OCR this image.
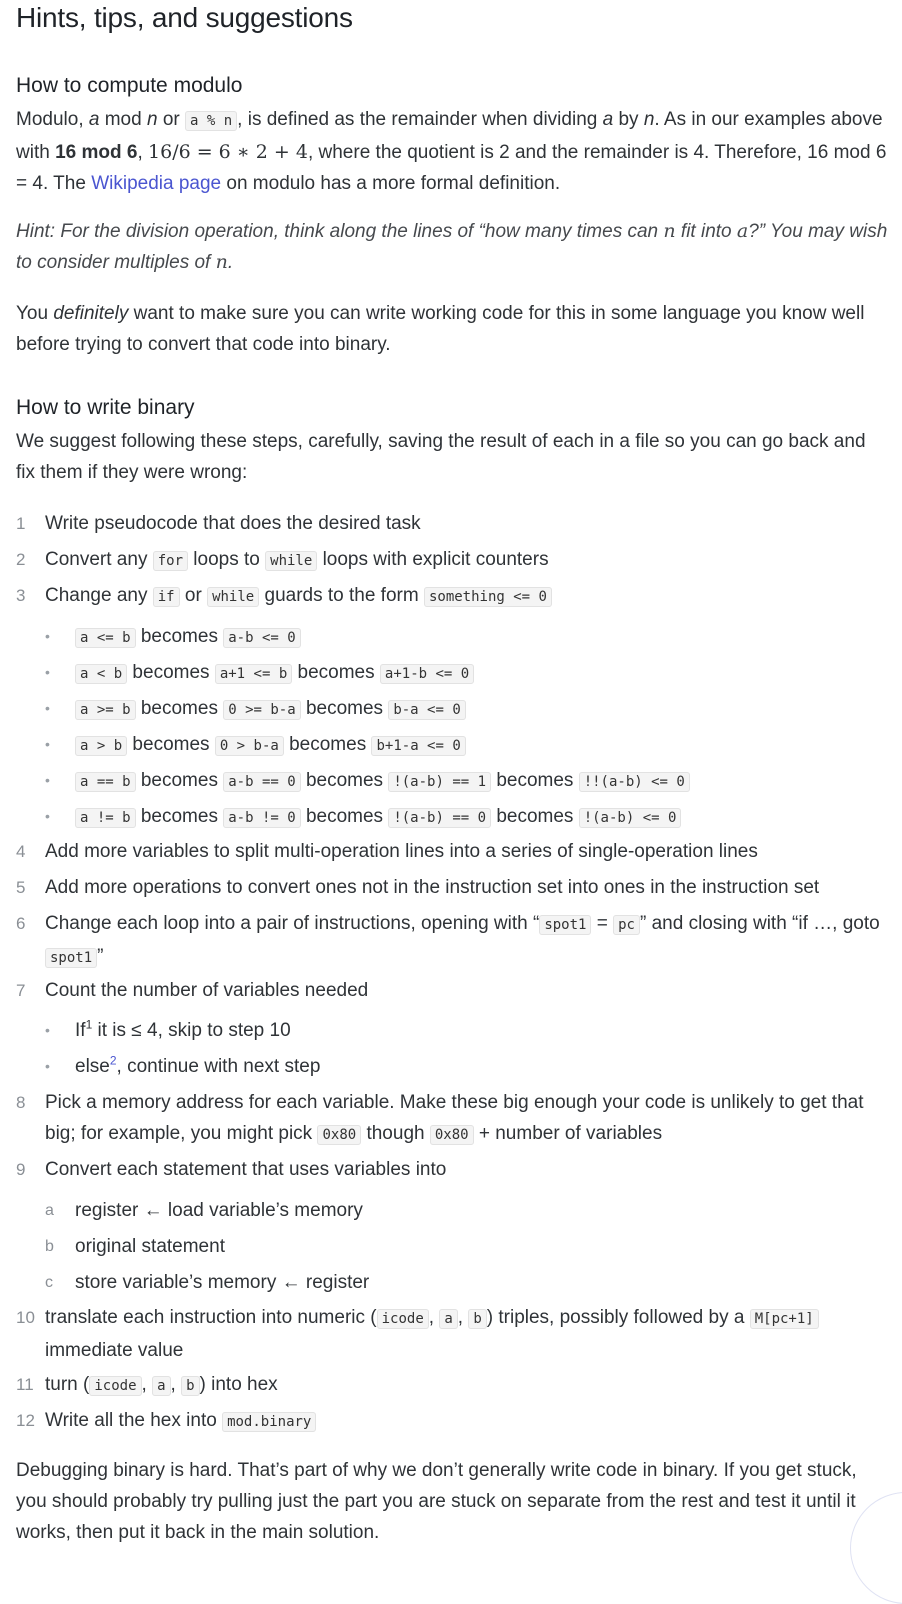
Hints, tips, and suggestions
How to compute modulo

Modulo, a mod n or a % n , is defined as the remainder when dividing a by n. As in our examples above with 16 mod 6, 16/6 = 6 ∗ 2 + 4, where the quotient is 2 and the remainder is 4. Therefore, 16 mod 6 = 4. The Wikipedia page on modulo has a more formal definition.

Hint: For the division operation, think along the lines of “how many times can n fit into a?” You may wish to consider multiples of n.

You definitely want to make sure you can write working code for this in some language you know well before trying to convert that code into binary.

How to write binary

We suggest following these steps, carefully, saving the result of each in a file so you can go back and fix them if they were wrong:

1	Write pseudocode that does the desired task
2	Convert any for loops to while loops with explicit counters
3	Change any if or while guards to the form something <= 0
•	a <= b becomes a-b <= 0
•	a < b becomes a+1 <= b becomes a+1-b <= 0
•	a >= b becomes 0 >= b-a becomes b-a <= 0
•	a > b becomes 0 > b-a becomes b+1-a <= 0
•	a == b becomes a-b == 0 becomes !(a-b) == 1 becomes !!(a-b) <= 0
•	a != b becomes a-b != 0 becomes !(a-b) == 0 becomes !(a-b) <= 0
4	Add more variables to split multi-operation lines into a series of single-operation lines
5	Add more operations to convert ones not in the instruction set into ones in the instruction set
6	Change each loop into a pair of instructions, opening with “ spot1 = pc ” and closing with “if …, goto spot1 ”
7	Count the number of variables needed
• If$^1$ it is ≤ 4, skip to step 10
• else$^2$, continue with next step
8	Pick a memory address for each variable. Make these big enough your code is unlikely to get that big; for example, you might pick 0x80 though 0x80 + number of variables
9	Convert each statement that uses variables into
a register ← load variable’s memory
b original statement
c store variable’s memory ← register
10 translate each instruction into numeric ( icode , a , b ) triples, possibly followed by a M[pc+1] immediate value
11 turn ( icode , a , b ) into hex
12 Write all the hex into mod.binary

Debugging binary is hard. That’s part of why we don’t generally write code in binary. If you get stuck, you should probably try pulling just the part you are stuck on separate from the rest and test it until it works, then put it back in the main solution.
